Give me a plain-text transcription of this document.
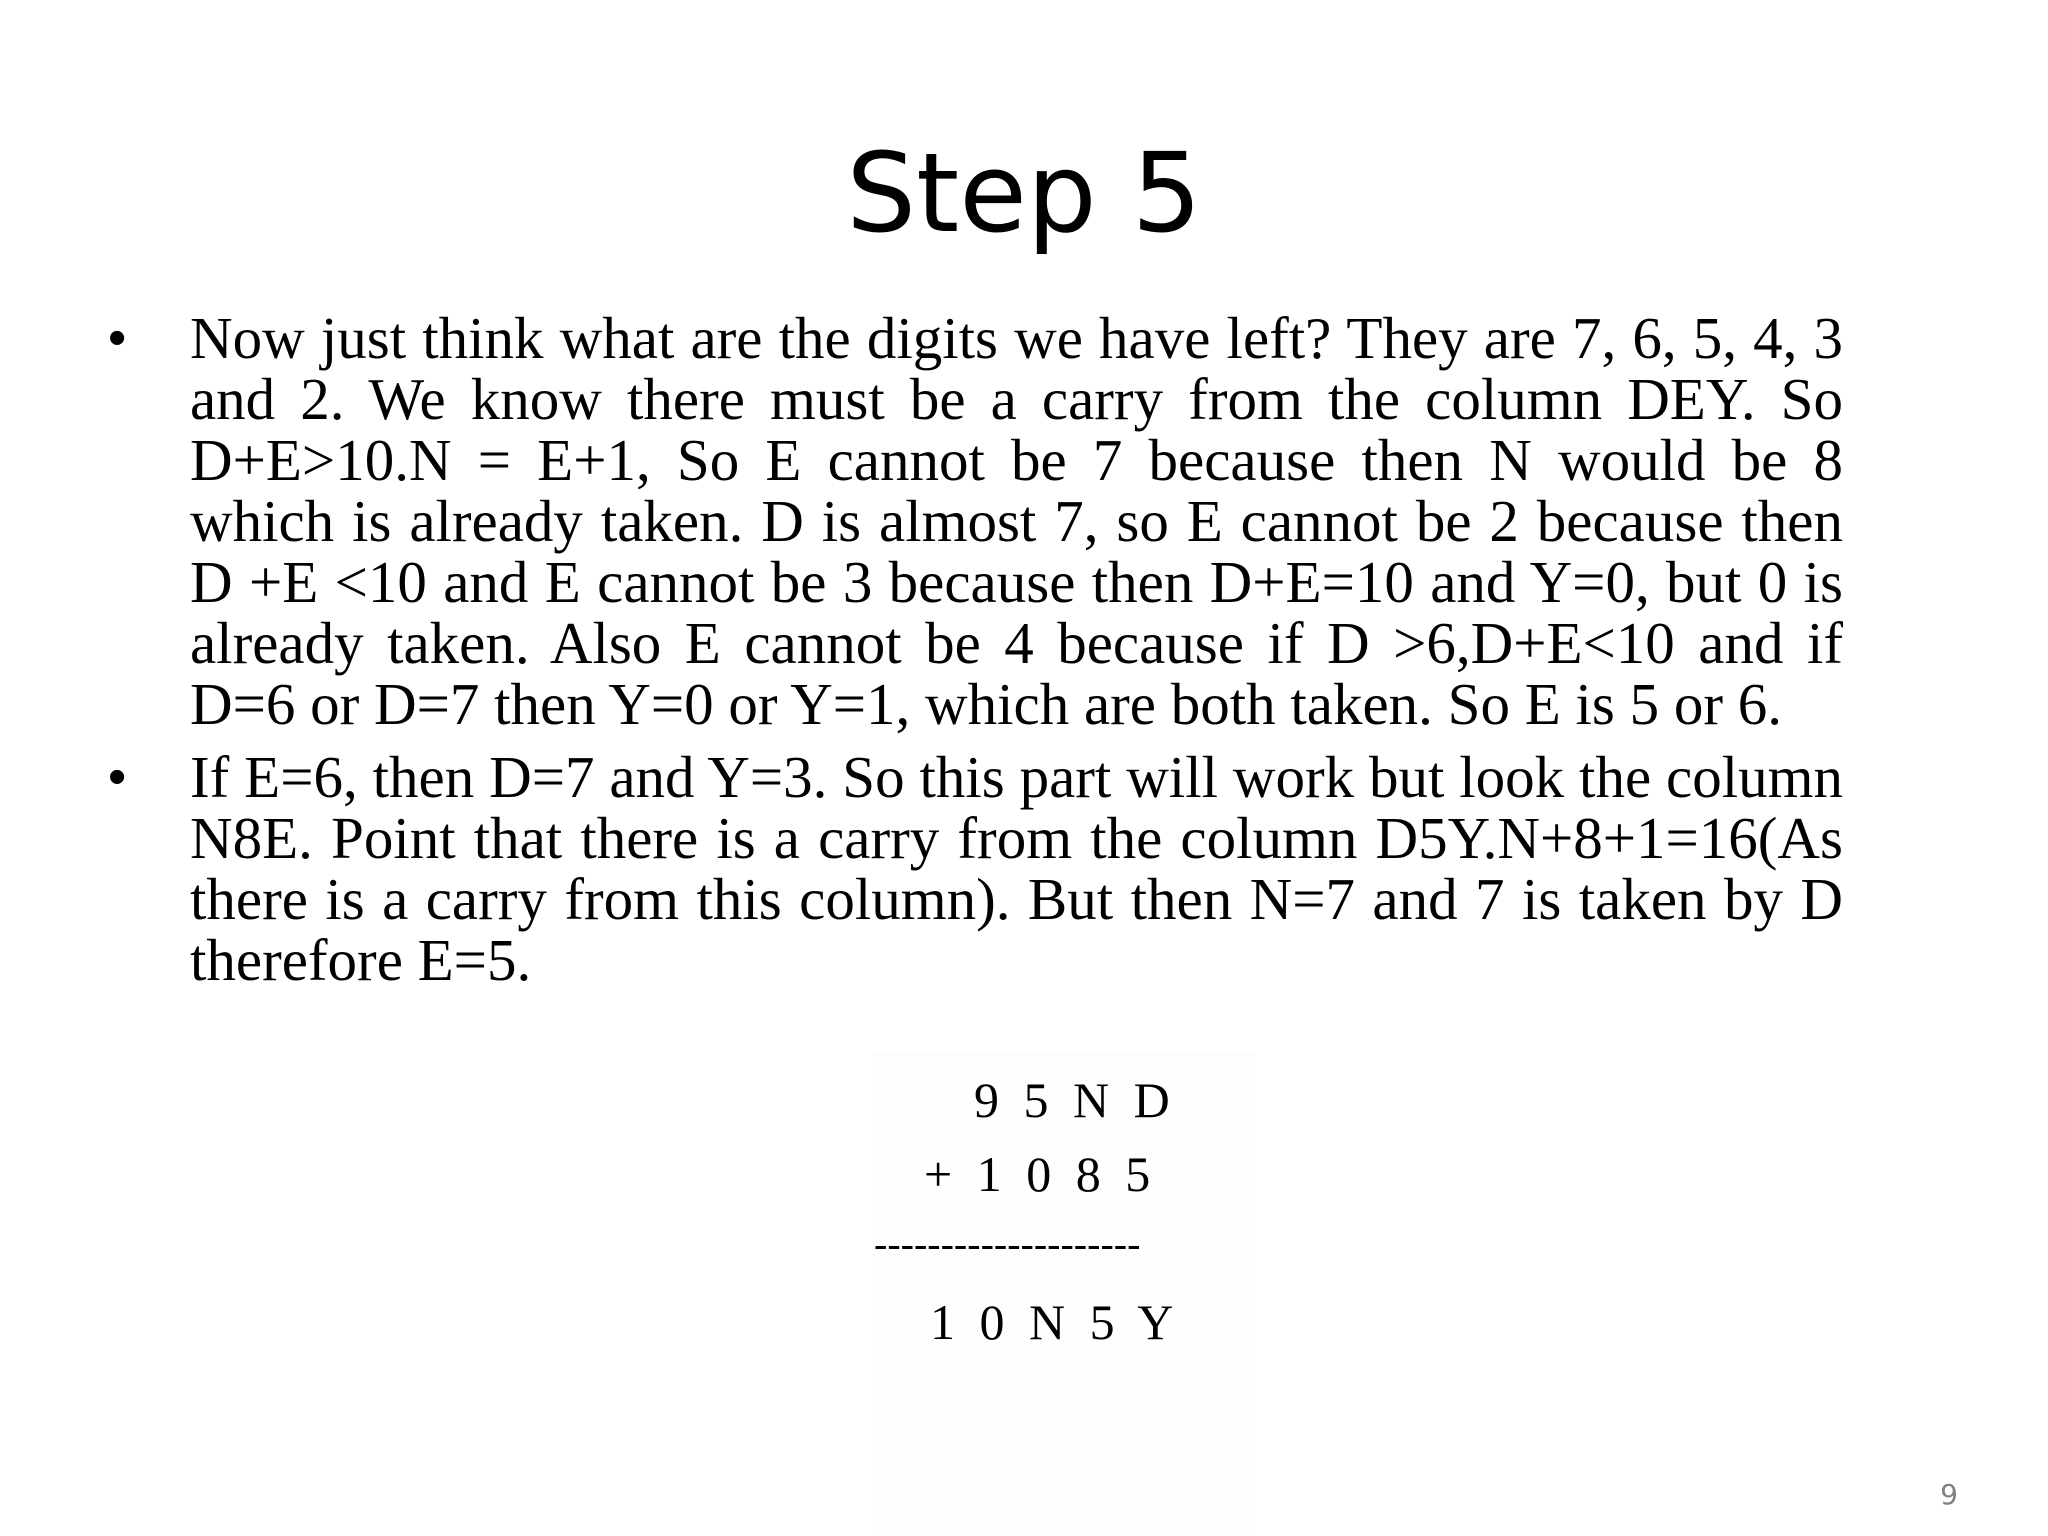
Step 5
•	Now just think what are the digits we have left? They are 7, 6, 5, 4, 3 and 2. We know there must be a carry from the column DEY. So D+E>10.N = E+1, So E cannot be 7 because then N would be 8 which is already taken. D is almost 7, so E cannot be 2 because then D +E <10 and E cannot be 3 because then D+E=10 and Y=0, but 0 is already taken. Also E cannot be 4 because if D >6,D+E<10 and if D=6 or D=7 then Y=0 or Y=1, which are both taken. So E is 5 or 6.
•	If E=6, then D=7 and Y=3. So this part will work but look the column N8E. Point that there is a carry from the column D5Y.N+8+1=16(As there is a carry from this column). But then N=7 and 7 is taken by D therefore E=5.
9 5 N D
+ 1 0 8 5
--------------------
1 0 N 5 Y
9
